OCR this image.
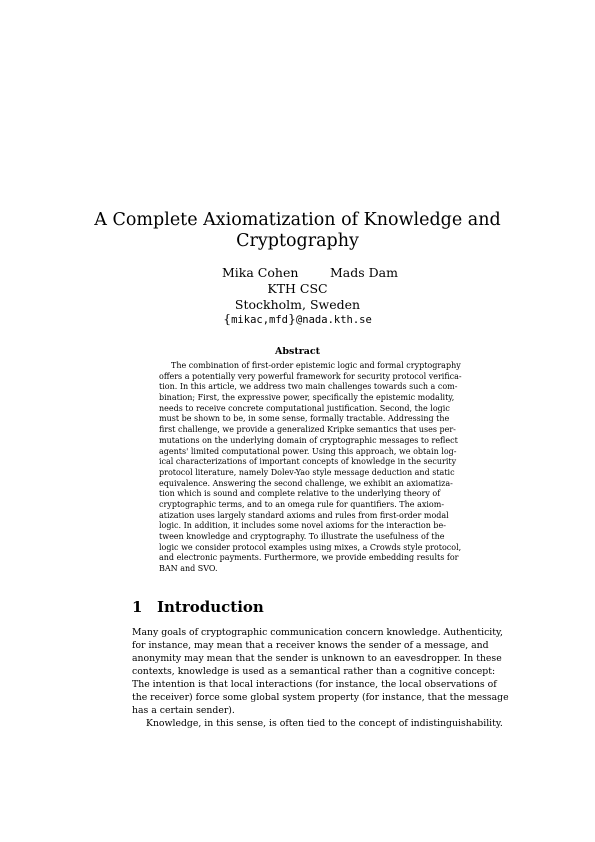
A Complete Axiomatization of Knowledge and
Cryptography
Mika Cohen	Mads Dam
KTH CSC
Stockholm, Sweden
{mikac,mfd}@nada.kth.se
Abstract
The combination of first-order epistemic logic and formal cryptography
offers a potentially very powerful framework for security protocol verifica-
tion. In this article, we address two main challenges towards such a com-
bination; First, the expressive power, specifically the epistemic modality,
needs to receive concrete computational justification. Second, the logic
must be shown to be, in some sense, formally tractable. Addressing the
first challenge, we provide a generalized Kripke semantics that uses per-
mutations on the underlying domain of cryptographic messages to reflect
agents' limited computational power. Using this approach, we obtain log-
ical characterizations of important concepts of knowledge in the security
protocol literature, namely Dolev-Yao style message deduction and static
equivalence. Answering the second challenge, we exhibit an axiomatiza-
tion which is sound and complete relative to the underlying theory of
cryptographic terms, and to an omega rule for quantifiers. The axiom-
atization uses largely standard axioms and rules from first-order modal
logic. In addition, it includes some novel axioms for the interaction be-
tween knowledge and cryptography. To illustrate the usefulness of the
logic we consider protocol examples using mixes, a Crowds style protocol,
and electronic payments. Furthermore, we provide embedding results for
BAN and SVO.
1 Introduction
Many goals of cryptographic communication concern knowledge. Authenticity,
for instance, may mean that a receiver knows the sender of a message, and
anonymity may mean that the sender is unknown to an eavesdropper. In these
contexts, knowledge is used as a semantical rather than a cognitive concept:
The intention is that local interactions (for instance, the local observations of
the receiver) force some global system property (for instance, that the message
has a certain sender).
Knowledge, in this sense, is often tied to the concept of indistinguishability.
